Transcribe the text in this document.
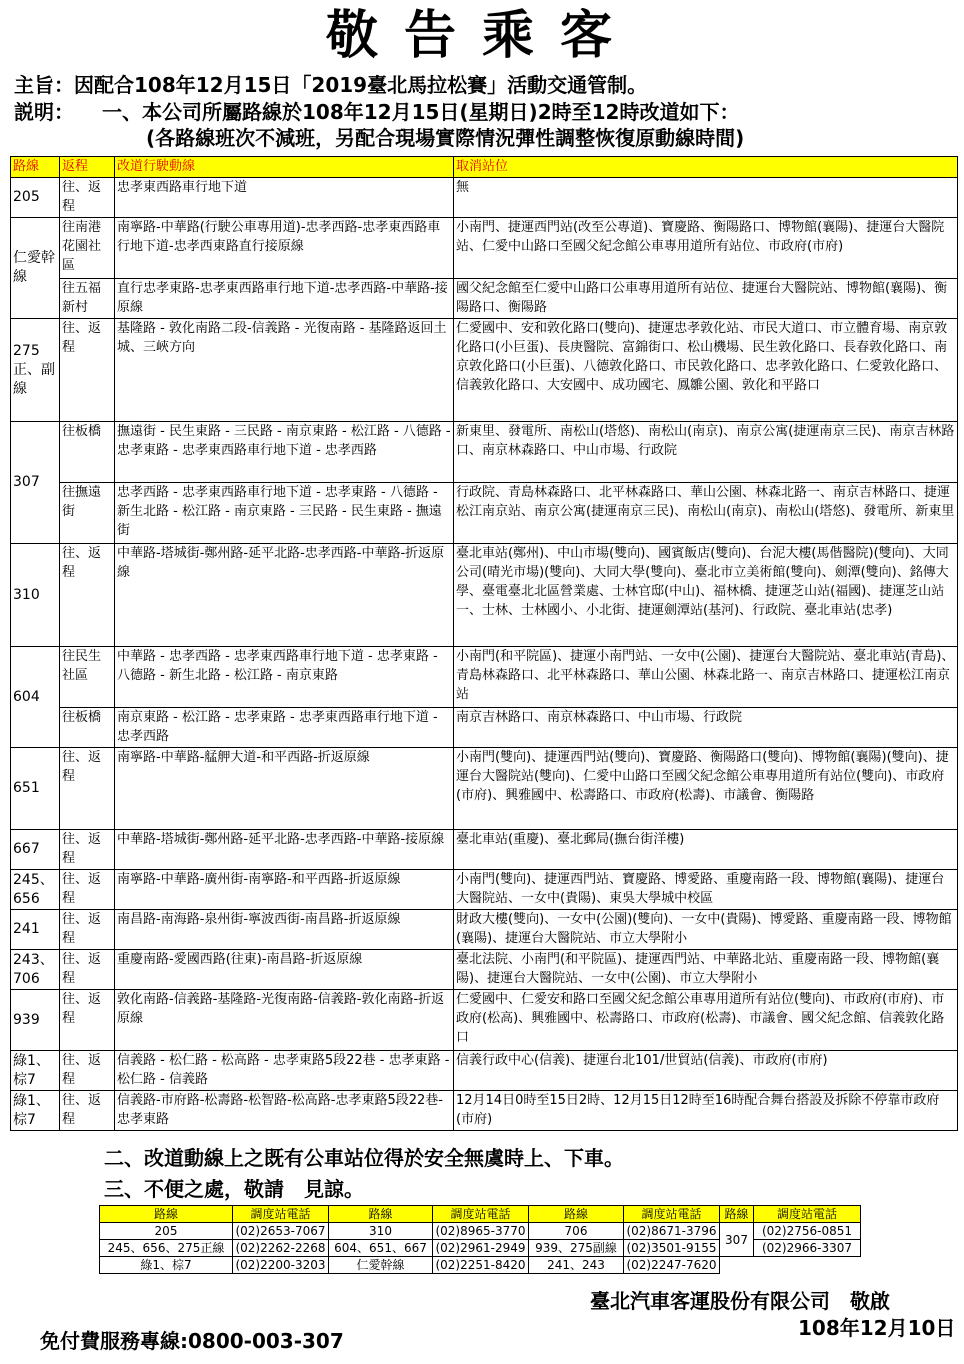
敬告乘客
主旨：因配合108年12月15日「2019臺北馬拉松賽」活動交通管制。
説明： 一、本公司所屬路線於108年12月15日(星期日)2時至12時改道如下：
(各路線班次不減班，另配合現場實際情況彈性調整恢復原動線時間)
路線	返程	改道行駛動線	取消站位
205	往、返程	忠孝東西路車行地下道	無
仁愛幹線	往南港花園社區	南寧路-中華路(行駛公車專用道)-忠孝西路-忠孝東西路車行地下道-忠孝西東路直行接原線	小南門、捷運西門站(改至公專道)、寶慶路、衡陽路口、博物館(襄陽)、捷運台大醫院站、仁愛中山路口至國父紀念館公車專用道所有站位、市政府(市府)
	往五福新村	直行忠孝東路-忠孝東西路車行地下道-忠孝西路-中華路-接原線	國父紀念館至仁愛中山路口公車專用道所有站位、捷運台大醫院站、博物館(襄陽)、衡陽路口、衡陽路
275正、副線	往、返程	基隆路 - 敦化南路二段-信義路 - 光復南路 - 基隆路返回土城、三峽方向	仁愛國中、安和敦化路口(雙向)、捷運忠孝敦化站、市民大道口、市立體育場、南京敦化路口(小巨蛋)、長庚醫院、富錦街口、松山機場、民生敦化路口、長春敦化路口、南京敦化路口(小巨蛋)、八德敦化路口、市民敦化路口、忠孝敦化路口、仁愛敦化路口、信義敦化路口、大安國中、成功國宅、鳳雛公園、敦化和平路口
307	往板橋	撫遠街 - 民生東路 - 三民路 - 南京東路 - 松江路 - 八德路 - 忠孝東路 - 忠孝東西路車行地下道 - 忠孝西路	新東里、發電所、南松山(塔悠)、南松山(南京)、南京公寓(捷運南京三民)、南京吉林路口、南京林森路口、中山市場、行政院
	往撫遠街	忠孝西路 - 忠孝東西路車行地下道 - 忠孝東路 - 八德路 - 新生北路 - 松江路 - 南京東路 - 三民路 - 民生東路 - 撫遠街	行政院、青島林森路口、北平林森路口、華山公園、林森北路一、南京吉林路口、捷運松江南京站、南京公寓(捷運南京三民)、南松山(南京)、南松山(塔悠)、發電所、新東里
310	往、返程	中華路-塔城街-鄭州路-延平北路-忠孝西路-中華路-折返原線	臺北車站(鄭州)、中山市場(雙向)、國賓飯店(雙向)、台泥大樓(馬偕醫院)(雙向)、大同公司(晴光市場)(雙向)、大同大學(雙向)、臺北市立美術館(雙向)、劍潭(雙向)、銘傳大學、臺電臺北北區營業處、士林官邸(中山)、福林橋、捷運芝山站(福國)、捷運芝山站一、士林、士林國小、小北街、捷運劍潭站(基河)、行政院、臺北車站(忠孝)
604	往民生社區	中華路 - 忠孝西路 - 忠孝東西路車行地下道 - 忠孝東路 - 八德路 - 新生北路 - 松江路 - 南京東路	小南門(和平院區)、捷運小南門站、一女中(公園)、捷運台大醫院站、臺北車站(青島)、青島林森路口、北平林森路口、華山公園、林森北路一、南京吉林路口、捷運松江南京站
	往板橋	南京東路 - 松江路 - 忠孝東路 - 忠孝東西路車行地下道 - 忠孝西路	南京吉林路口、南京林森路口、中山市場、行政院
651	往、返程	南寧路-中華路-艋舺大道-和平西路-折返原線	小南門(雙向)、捷運西門站(雙向)、寶慶路、衡陽路口(雙向)、博物館(襄陽)(雙向)、捷運台大醫院站(雙向)、仁愛中山路口至國父紀念館公車專用道所有站位(雙向)、市政府(市府)、興雅國中、松壽路口、市政府(松壽)、市議會、衡陽路
667	往、返程	中華路-塔城街-鄭州路-延平北路-忠孝西路-中華路-接原線	臺北車站(重慶)、臺北郵局(撫台街洋樓)
245、656	往、返程	南寧路-中華路-廣州街-南寧路-和平西路-折返原線	小南門(雙向)、捷運西門站、寶慶路、博愛路、重慶南路一段、博物館(襄陽)、捷運台大醫院站、一女中(貴陽)、東吳大學城中校區
241	往、返程	南昌路-南海路-泉州街-寧波西街-南昌路-折返原線	財政大樓(雙向)、一女中(公園)(雙向)、一女中(貴陽)、博愛路、重慶南路一段、博物館(襄陽)、捷運台大醫院站、市立大學附小
243、706	往、返程	重慶南路-愛國西路(往東)-南昌路-折返原線	臺北法院、小南門(和平院區)、捷運西門站、中華路北站、重慶南路一段、博物館(襄陽)、捷運台大醫院站、一女中(公園)、市立大學附小
939	往、返程	敦化南路-信義路-基隆路-光復南路-信義路-敦化南路-折返原線	仁愛國中、仁愛安和路口至國父紀念館公車專用道所有站位(雙向)、市政府(市府)、市政府(松高)、興雅國中、松壽路口、市政府(松壽)、市議會、國父紀念館、信義敦化路口
綠1、棕7	往、返程	信義路 - 松仁路 - 松高路 - 忠孝東路5段22巷 - 忠孝東路 - 松仁路 - 信義路	信義行政中心(信義)、捷運台北101/世貿站(信義)、市政府(市府)
綠1、棕7	往、返程	信義路-市府路-松壽路-松智路-松高路-忠孝東路5段22巷-忠孝東路	12月14日0時至15日2時、12月15日12時至16時配合舞台搭設及拆除不停靠市政府(市府)
二、改道動線上之既有公車站位得於安全無虞時上、下車。
三、不便之處，敬請　見諒。
路線	調度站電話	路線	調度站電話	路線	調度站電話	路線	調度站電話
205	(02)2653-7067	310	(02)8965-3770	706	(02)8671-3796	307	(02)2756-0851
245、656、275正線	(02)2262-2268	604、651、667	(02)2961-2949	939、275副線	(02)3501-9155		(02)2966-3307
綠1、棕7	(02)2200-3203	仁愛幹線	(02)2251-8420	241、243	(02)2247-7620		
臺北汽車客運股份有限公司　敬啟
108年12月10日
免付費服務專線:0800-003-307
